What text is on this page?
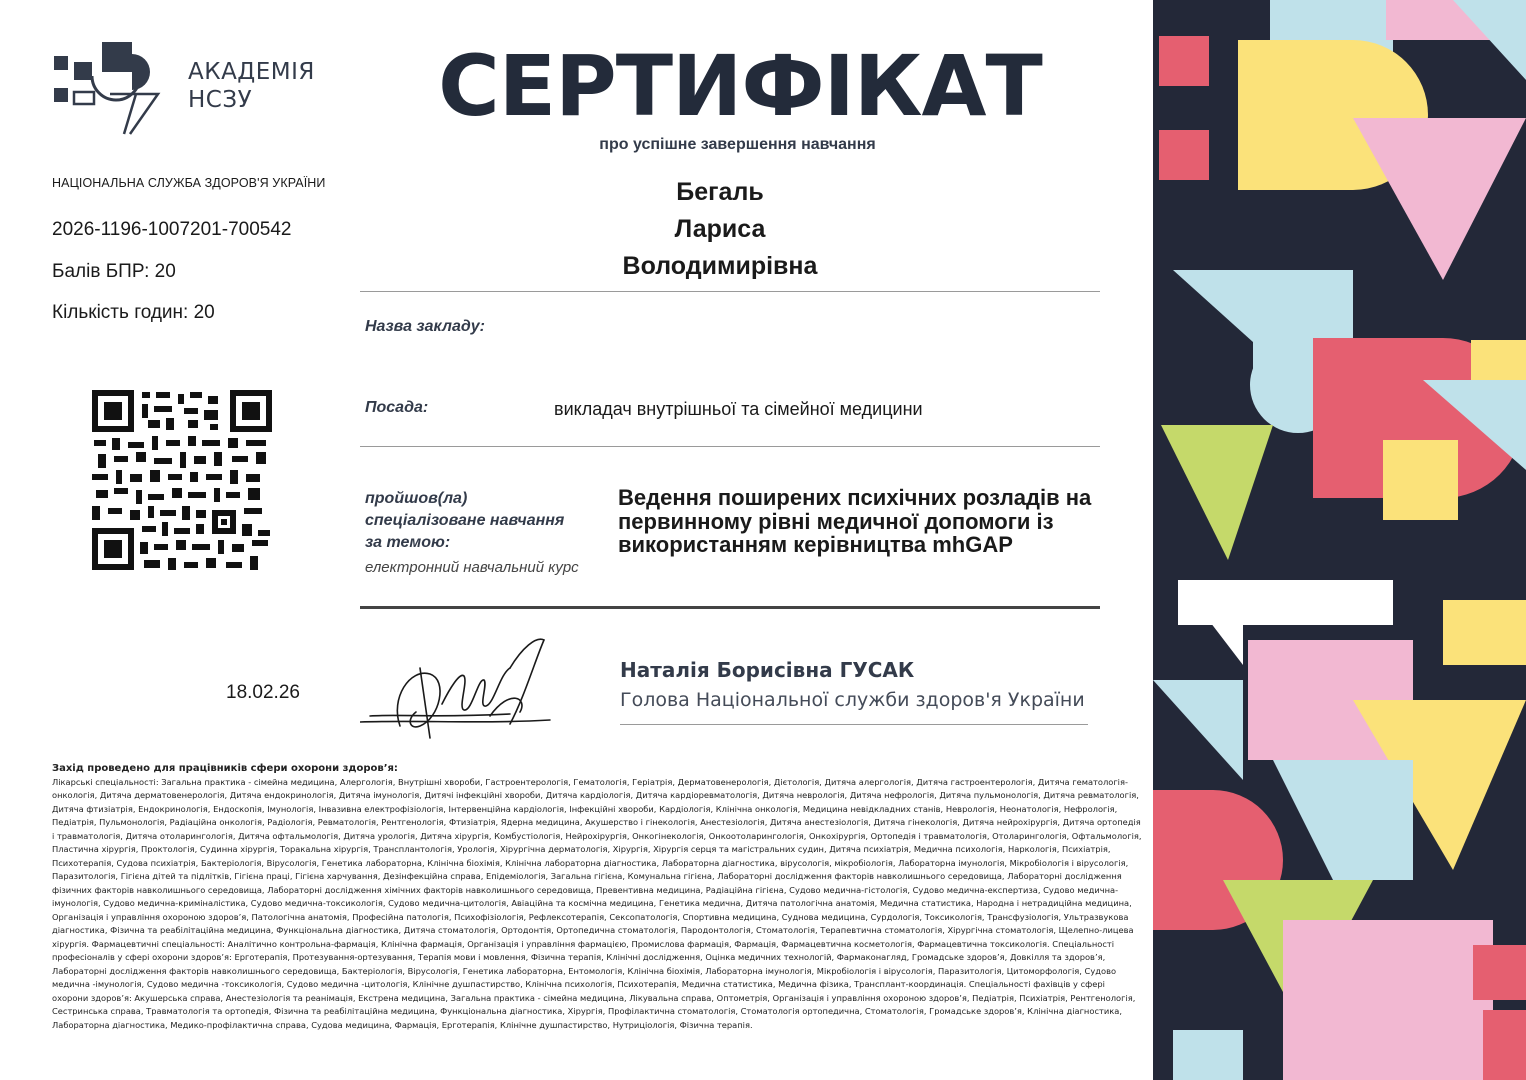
АКАДЕМІЯ
НСЗУ
НАЦІОНАЛЬНА СЛУЖБА ЗДОРОВ'Я УКРАЇНИ
2026-1196-1007201-700542
Балів БПР: 20
Кількість годин: 20
18.02.26
СЕРТИФІКАТ
про успішне завершення навчання
Бегаль
Лариса
Володимирівна
Назва закладу:
Посада:	викладач внутрішньої та сімейної медицини
пройшов(ла) спеціалізоване навчання за темою:
електронний навчальний курс
Ведення поширених психічних розладів на первинному рівні медичної допомоги із використанням керівництва mhGAP
Наталія Борисівна ГУСАК
Голова Національної служби здоров'я України
Захід проведено для працівників сфери охорони здоров’я:
Лікарські спеціальності: Загальна практика - сімейна медицина, Алергологія, Внутрішні хвороби, Гастроентерологія, Гематологія, Геріатрія, Дерматовенерологія, Дієтологія, Дитяча алергологія, Дитяча гастроентерологія, Дитяча гематологія-онкологія, Дитяча дерматовенерологія, Дитяча ендокринологія, Дитяча імунологія, Дитячі інфекційні хвороби, Дитяча кардіологія, Дитяча кардіоревматологія, Дитяча неврологія, Дитяча нефрологія, Дитяча пульмонологія, Дитяча ревматологія, Дитяча фтизіатрія, Ендокринологія, Ендоскопія, Імунологія, Інвазивна електрофізіологія, Інтервенційна кардіологія, Інфекційні хвороби, Кардіологія, Клінічна онкологія, Медицина невідкладних станів, Неврологія, Неонатологія, Нефрологія, Педіатрія, Пульмонологія, Радіаційна онкологія, Радіологія, Ревматологія, Рентгенологія, Фтизіатрія, Ядерна медицина, Акушерство і гінекологія, Анестезіологія, Дитяча анестезіологія, Дитяча гінекологія, Дитяча нейрохірургія, Дитяча ортопедія і травматологія, Дитяча отоларингологія, Дитяча офтальмологія, Дитяча урологія, Дитяча хірургія, Комбустіологія, Нейрохірургія, Онкогінекологія, Онкоотоларингологія, Онкохірургія, Ортопедія і травматологія, Отоларингологія, Офтальмологія, Пластична хірургія, Проктологія, Судинна хірургія, Торакальна хірургія, Трансплантологія, Урологія, Хірургічна дерматологія, Хірургія, Хірургія серця та магістральних судин, Дитяча психіатрія, Медична психологія, Наркологія, Психіатрія, Психотерапія, Судова психіатрія, Бактеріологія, Вірусологія, Генетика лабораторна, Клінічна біохімія, Клінічна лабораторна діагностика, Лабораторна діагностика, вірусологія, мікробіологія, Лабораторна імунологія, Мікробіологія і вірусологія, Паразитологія, Гігієна дітей та підлітків, Гігієна праці, Гігієна харчування, Дезінфекційна справа, Епідеміологія, Загальна гігієна, Комунальна гігієна, Лабораторні дослідження факторів навколишнього середовища, Лабораторні дослідження фізичних факторів навколишнього середовища, Лабораторні дослідження хімічних факторів навколишнього середовища, Превентивна медицина, Радіаційна гігієна, Судово медична-гістологія, Судово медична-експертиза, Судово медична-імунологія, Судово медична-криміналістика, Судово медична-токсикологія, Судово медична-цитологія, Авіаційна та космічна медицина, Генетика медична, Дитяча патологічна анатомія, Медична статистика, Народна і нетрадиційна медицина, Організація і управління охороною здоров’я, Патологічна анатомія, Професійна патологія, Психофізіологія, Рефлексотерапія, Сексопатологія, Спортивна медицина, Суднова медицина, Сурдологія, Токсикологія, Трансфузіологія, Ультразвукова діагностика, Фізична та реабілітаційна медицина, Функціональна діагностика, Дитяча стоматологія, Ортодонтія, Ортопедична стоматологія, Пародонтологія, Стоматологія, Терапевтична стоматологія, Хірургічна стоматологія, Щелепно-лицева хірургія. Фармацевтичні спеціальності: Аналітично контрольна-фармація, Клінічна фармація, Організація і управління фармацією, Промислова фармація, Фармація, Фармацевтична косметологія, Фармацевтична токсикологія. Спеціальності професіоналів у сфері охорони здоров’я: Ерготерапія, Протезування-ортезування, Терапія мови і мовлення, Фізична терапія, Клінічні дослідження, Оцінка медичних технологій, Фармаконагляд, Громадське здоров’я, Довкілля та здоров’я, Лабораторні дослідження факторів навколишнього середовища, Бактеріологія, Вірусологія, Генетика лабораторна, Ентомологія, Клінічна біохімія, Лабораторна імунологія, Мікробіологія і вірусологія, Паразитологія, Цитоморфологія, Судово медична -імунологія, Судово медична -токсикологія, Судово медична -цитологія, Клінічне душпастирство, Клінічна психологія, Психотерапія, Медична статистика, Медична фізика, Трансплант-координація. Спеціальності фахівців у сфері охорони здоров’я: Акушерська справа, Анестезіологія та реанімація, Екстрена медицина, Загальна практика - сімейна медицина, Лікувальна справа, Оптометрія, Організація і управління охороною здоров’я, Педіатрія, Психіатрія, Рентгенологія, Сестринська справа, Травматологія та ортопедія, Фізична та реабілітаційна медицина, Функціональна діагностика, Хірургія, Профілактична стоматологія, Стоматологія ортопедична, Стоматологія, Громадське здоров’я, Клінічна діагностика, Лабораторна діагностика, Медико-профілактична справа, Судова медицина, Фармація, Ерготерапія, Клінічне душпастирство, Нутриціологія, Фізична терапія.
